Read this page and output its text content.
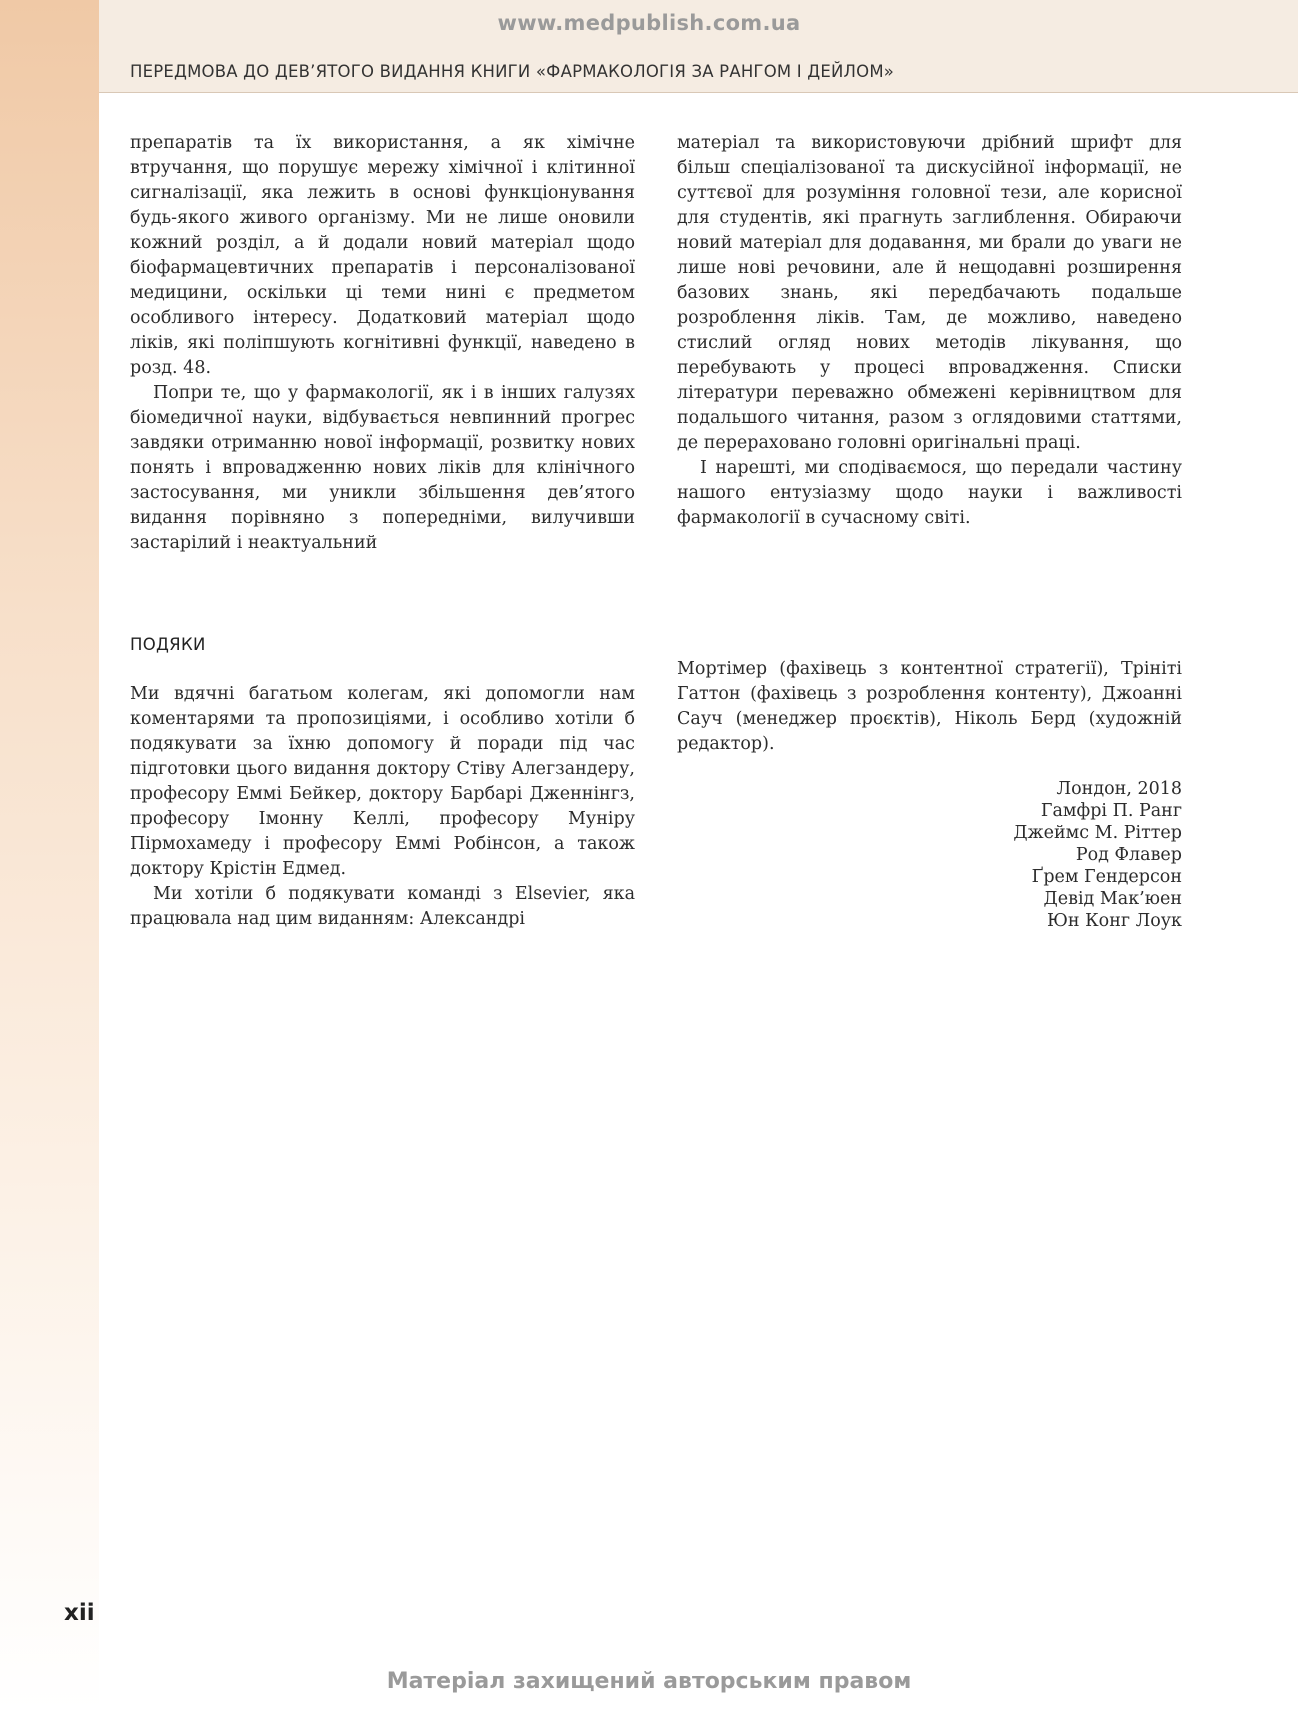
www.medpublish.com.ua
ПЕРЕДМОВА ДО ДЕВ’ЯТОГО ВИДАННЯ КНИГИ «ФАРМАКОЛОГІЯ ЗА РАНГОМ І ДЕЙЛОМ»

препаратів та їх використання, а як хімічне втручання, що порушує мережу хімічної і клітинної сигналізації, яка лежить в основі функціонування будь-якого живого організму. Ми не лише оновили кожний розділ, а й додали новий матеріал щодо біофармацевтичних препаратів і персоналізованої медицини, оскільки ці теми нині є предметом особливого інтересу. Додатковий матеріал щодо ліків, які поліпшують когнітивні функції, наведено в розд. 48.

Попри те, що у фармакології, як і в інших галузях біомедичної науки, відбувається невпинний прогрес завдяки отриманню нової інформації, розвитку нових понять і впровадженню нових ліків для клінічного застосування, ми уникли збільшення дев’ятого видання порівняно з попередніми, вилучивши застарілий і неактуальний

матеріал та використовуючи дрібний шрифт для більш спеціалізованої та дискусійної інформації, не суттєвої для розуміння головної тези, але корисної для студентів, які прагнуть заглиблення. Обираючи новий матеріал для додавання, ми брали до уваги не лише нові речовини, але й нещодавні розширення базових знань, які передбачають подальше розроблення ліків. Там, де можливо, наведено стислий огляд нових методів лікування, що перебувають у процесі впровадження. Списки літератури переважно обмежені керівництвом для подальшого читання, разом з оглядовими статтями, де перераховано головні оригінальні праці.

І нарешті, ми сподіваємося, що передали частину нашого ентузіазму щодо науки і важливості фармакології в сучасному світі.

ПОДЯКИ

Ми вдячні багатьом колегам, які допомогли нам коментарями та пропозиціями, і особливо хотіли б подякувати за їхню допомогу й поради під час підготовки цього видання доктору Стіву Алегзандеру, професору Еммі Бейкер, доктору Барбарі Дженнінгз, професору Імонну Келлі, професору Муніру Пірмохамеду і професору Еммі Робінсон, а також доктору Крістін Едмед.

Ми хотіли б подякувати команді з Elsevier, яка працювала над цим виданням: Александрі

Мортімер (фахівець з контентної стратегії), Трініті Гаттон (фахівець з розроблення контенту), Джоанні Сауч (менеджер проєктів), Ніколь Берд (художній редактор).

Лондон, 2018
Гамфрі П. Ранг
Джеймс М. Ріттер
Род Флавер
Ґрем Гендерсон
Девід Мак’юен
Юн Конг Лоук
xii
Матеріал захищений авторським правом
